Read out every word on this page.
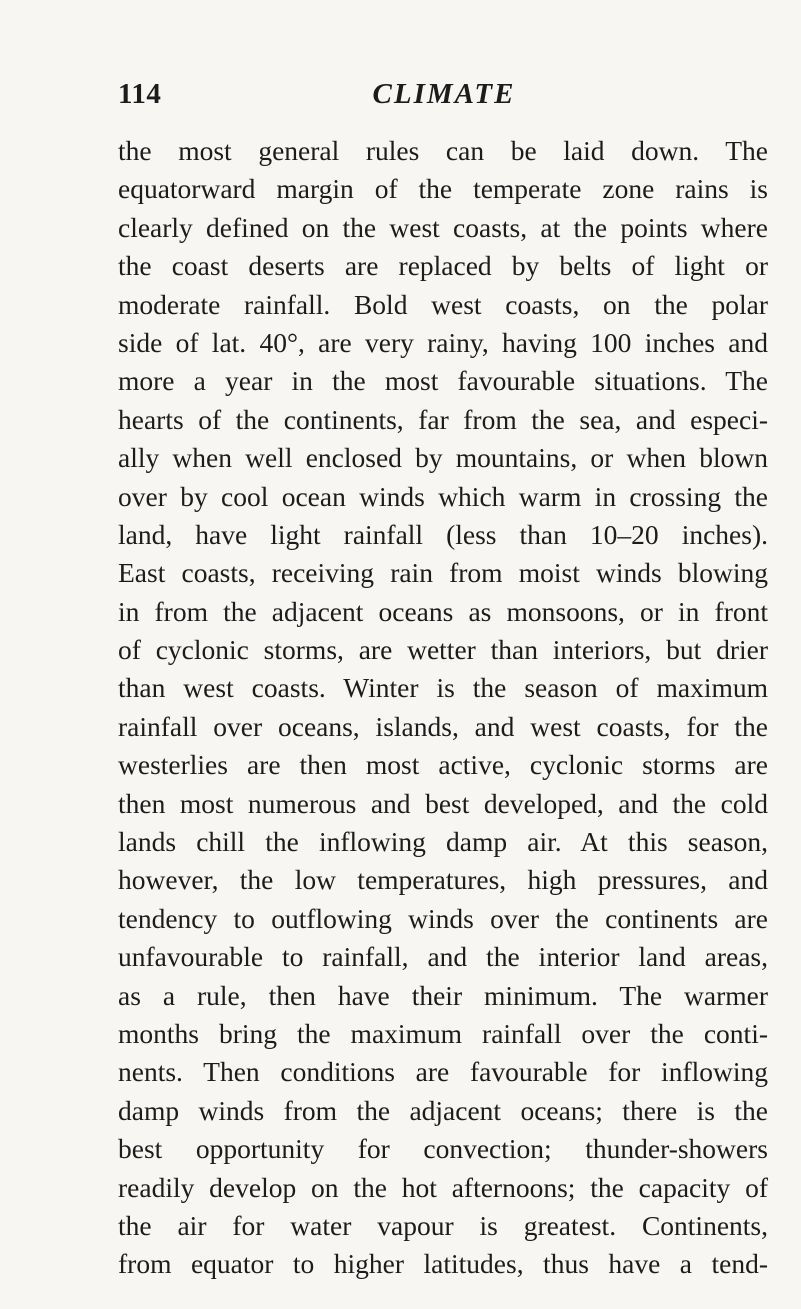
114	CLIMATE
the most general rules can be laid down. The
equatorward margin of the temperate zone rains is
clearly defined on the west coasts, at the points where
the coast deserts are replaced by belts of light or
moderate rainfall. Bold west coasts, on the polar
side of lat. 40°, are very rainy, having 100 inches and
more a year in the most favourable situations. The
hearts of the continents, far from the sea, and especi-
ally when well enclosed by mountains, or when blown
over by cool ocean winds which warm in crossing the
land, have light rainfall (less than 10–20 inches).
East coasts, receiving rain from moist winds blowing
in from the adjacent oceans as monsoons, or in front
of cyclonic storms, are wetter than interiors, but drier
than west coasts. Winter is the season of maximum
rainfall over oceans, islands, and west coasts, for the
westerlies are then most active, cyclonic storms are
then most numerous and best developed, and the cold
lands chill the inflowing damp air. At this season,
however, the low temperatures, high pressures, and
tendency to outflowing winds over the continents are
unfavourable to rainfall, and the interior land areas,
as a rule, then have their minimum. The warmer
months bring the maximum rainfall over the conti-
nents. Then conditions are favourable for inflowing
damp winds from the adjacent oceans; there is the
best opportunity for convection; thunder-showers
readily develop on the hot afternoons; the capacity of
the air for water vapour is greatest. Continents,
from equator to higher latitudes, thus have a tend-
